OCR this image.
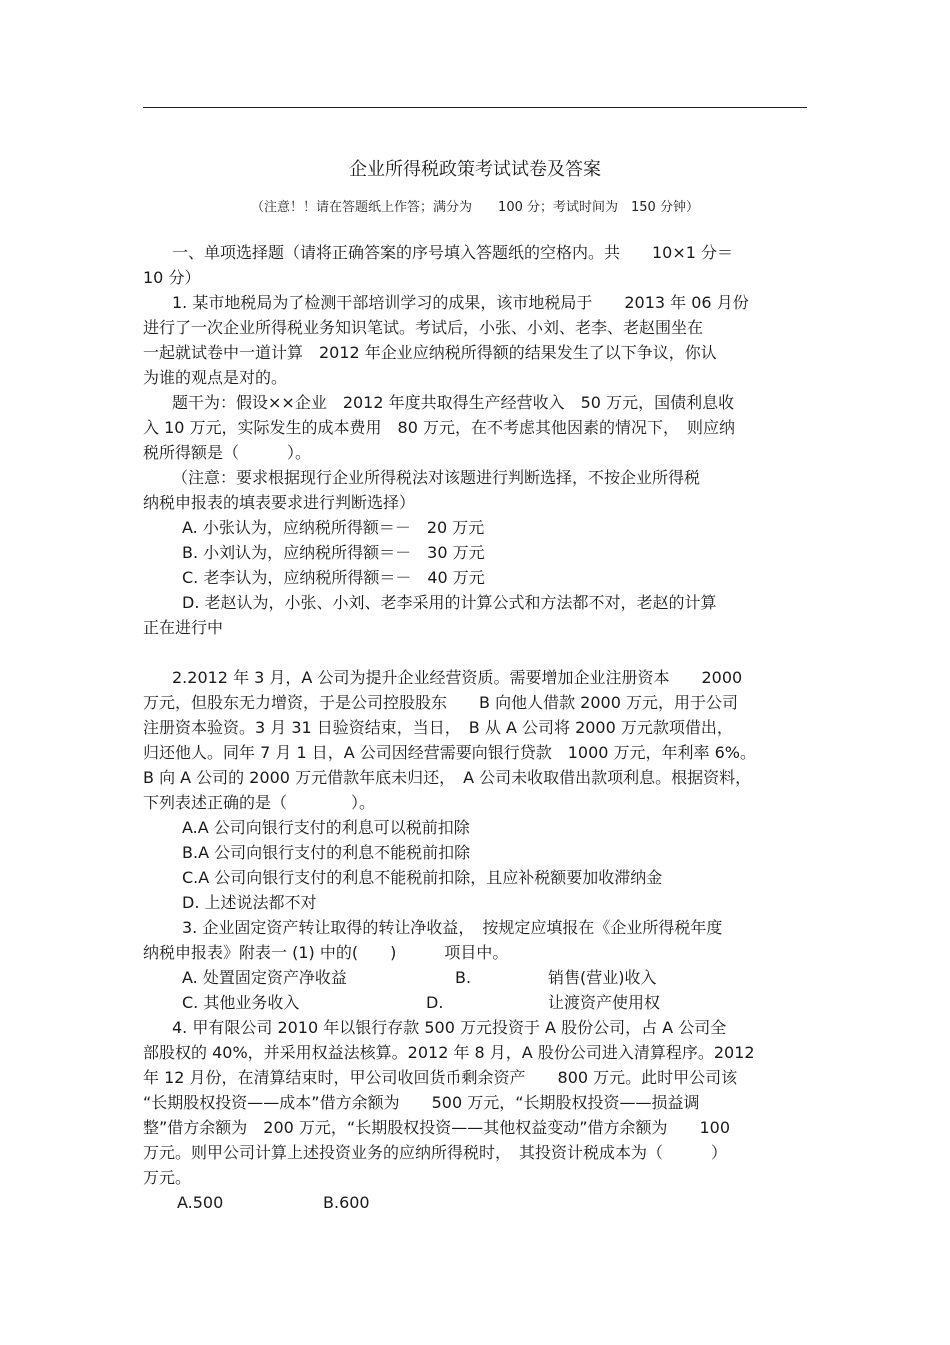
企业所得税政策考试试卷及答案
（注意！！请在答题纸上作答；满分为　　100 分；考试时间为　150 分钟）
一、单项选择题（请将正确答案的序号填入答题纸的空格内。共　　10×1 分＝
10 分）
1. 某市地税局为了检测干部培训学习的成果，该市地税局于　　2013 年 06 月份
进行了一次企业所得税业务知识笔试。考试后，小张、小刘、老李、老赵围坐在
一起就试卷中一道计算　2012 年企业应纳税所得额的结果发生了以下争议，你认
为谁的观点是对的。
题干为：假设××企业　2012 年度共取得生产经营收入　50 万元，国债利息收
入 10 万元，实际发生的成本费用　80 万元，在不考虑其他因素的情况下，　则应纳
税所得额是（　　　）。
（注意：要求根据现行企业所得税法对该题进行判断选择，不按企业所得税
纳税申报表的填表要求进行判断选择）
A. 小张认为，应纳税所得额＝－　20 万元
B. 小刘认为，应纳税所得额＝－　30 万元
C. 老李认为，应纳税所得额＝－　40 万元
D. 老赵认为，小张、小刘、老李采用的计算公式和方法都不对，老赵的计算
正在进行中
2.2012 年 3 月，A 公司为提升企业经营资质。需要增加企业注册资本　　2000
万元，但股东无力增资，于是公司控股股东　　B 向他人借款 2000 万元，用于公司
注册资本验资。3 月 31 日验资结束，当日，　B 从 A 公司将 2000 万元款项借出，
归还他人。同年 7 月 1 日，A 公司因经营需要向银行贷款　1000 万元，年利率 6%。
B 向 A 公司的 2000 万元借款年底未归还，　A 公司未收取借出款项利息。根据资料，
下列表述正确的是（　　　　）。
A.A 公司向银行支付的利息可以税前扣除
B.A 公司向银行支付的利息不能税前扣除
C.A 公司向银行支付的利息不能税前扣除，且应补税额要加收滞纳金
D. 上述说法都不对
3. 企业固定资产转让取得的转让净收益，　按规定应填报在《企业所得税年度
纳税申报表》附表一 (1) 中的(　　)　　　项目中。
A. 处置固定资产净收益	B.	销售(营业)收入
C. 其他业务收入	D.	让渡资产使用权
4. 甲有限公司 2010 年以银行存款 500 万元投资于 A 股份公司，占 A 公司全
部股权的 40%，并采用权益法核算。2012 年 8 月，A 股份公司进入清算程序。2012
年 12 月份，在清算结束时，甲公司收回货币剩余资产　　800 万元。此时甲公司该
“长期股权投资——成本”借方余额为　　500 万元，“长期股权投资——损益调
整”借方余额为　200 万元，“长期股权投资——其他权益变动”借方余额为　　100
万元。则甲公司计算上述投资业务的应纳所得税时，　其投资计税成本为（　　　）
万元。
A.500	B.600
